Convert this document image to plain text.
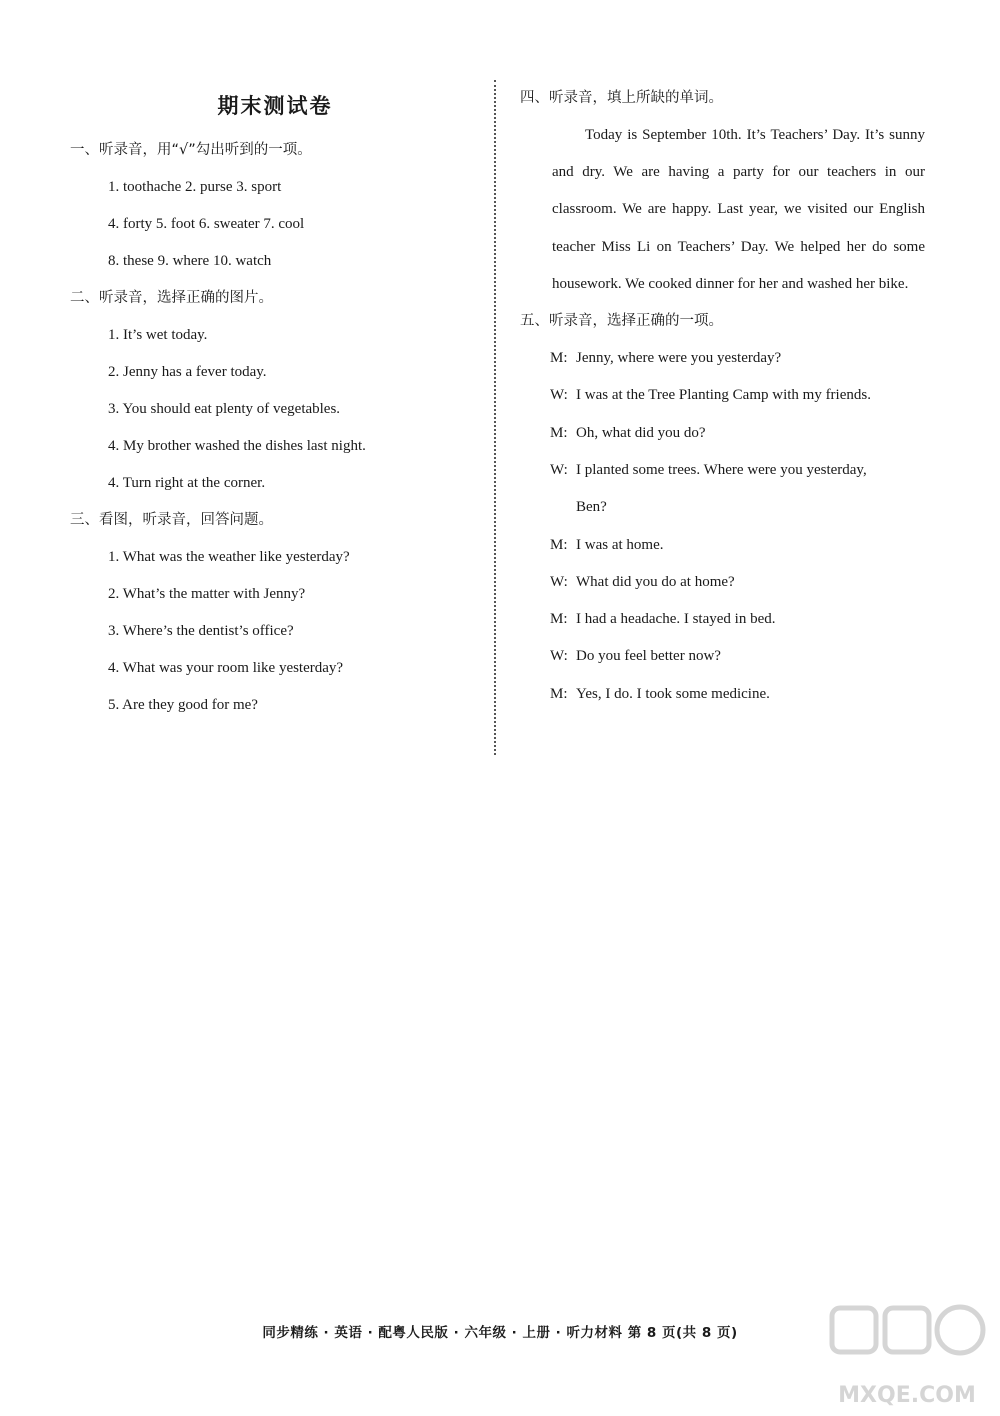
期末测试卷
一、听录音，用“√”勾出听到的一项。
1. toothache 2. purse 3. sport
4. forty 5. foot 6. sweater 7. cool
8. these 9. where 10. watch
二、听录音，选择正确的图片。
1. It’s wet today.
2. Jenny has a fever today.
3. You should eat plenty of vegetables.
4. My brother washed the dishes last night.
4. Turn right at the corner.
三、看图，听录音，回答问题。
1. What was the weather like yesterday?
2. What’s the matter with Jenny?
3. Where’s the dentist’s office?
4. What was your room like yesterday?
5. Are they good for me?
四、听录音，填上所缺的单词。

Today is September 10th. It’s Teachers’ Day. It’s sunny and dry. We are having a party for our teachers in our classroom. We are happy. Last year, we visited our English teacher Miss Li on Teachers’ Day. We helped her do some housework. We cooked dinner for her and washed her bike.

五、听录音，选择正确的一项。
M: Jenny, where were you yesterday?
W: I was at the Tree Planting Camp with my friends.
M: Oh, what did you do?
W: I planted some trees. Where were you yesterday,
Ben?
M: I was at home.
W: What did you do at home?
M: I had a headache. I stayed in bed.
W: Do you feel better now?
M: Yes, I do. I took some medicine.
同步精练 · 英语 · 配粤人民版 · 六年级 · 上册 · 听力材料 第 8 页(共 8 页)
MXQE.COM
